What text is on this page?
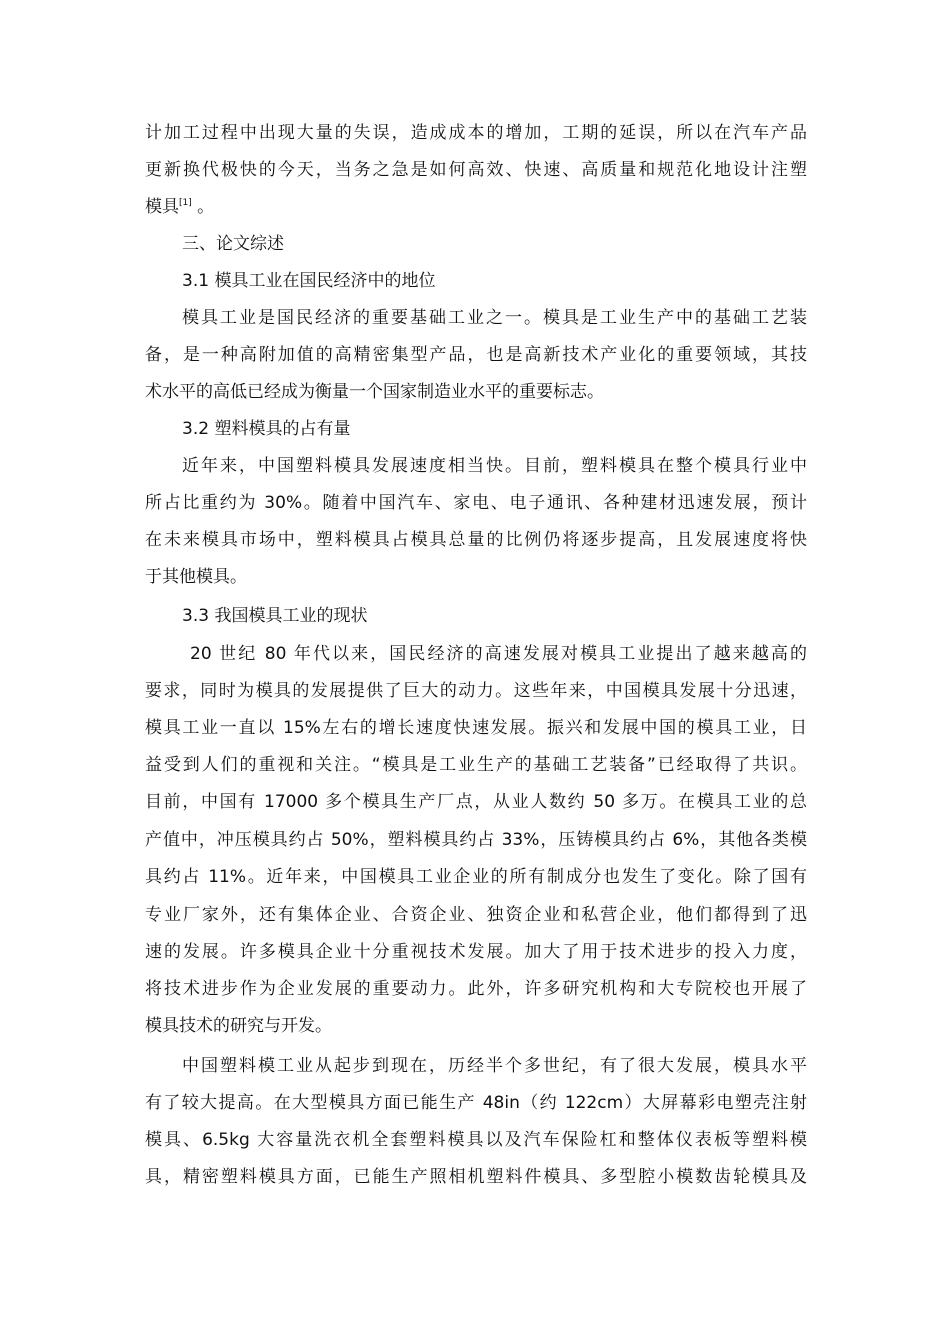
计加工过程中出现大量的失误，造成成本的增加，工期的延误，所以在汽车产品
更新换代极快的今天，当务之急是如何高效、快速、高质量和规范化地设计注塑
模具[1] 。
三、论文综述
3.1 模具工业在国民经济中的地位
模具工业是国民经济的重要基础工业之一。模具是工业生产中的基础工艺装
备，是一种高附加值的高精密集型产品，也是高新技术产业化的重要领域，其技
术水平的高低已经成为衡量一个国家制造业水平的重要标志。
3.2 塑料模具的占有量
近年来，中国塑料模具发展速度相当快。目前，塑料模具在整个模具行业中
所占比重约为 30%。随着中国汽车、家电、电子通讯、各种建材迅速发展，预计
在未来模具市场中，塑料模具占模具总量的比例仍将逐步提高，且发展速度将快
于其他模具。
3.3 我国模具工业的现状
20 世纪 80 年代以来，国民经济的高速发展对模具工业提出了越来越高的
要求，同时为模具的发展提供了巨大的动力。这些年来，中国模具发展十分迅速，
模具工业一直以 15%左右的增长速度快速发展。振兴和发展中国的模具工业，日
益受到人们的重视和关注。“模具是工业生产的基础工艺装备”已经取得了共识。
目前，中国有 17000 多个模具生产厂点，从业人数约 50 多万。在模具工业的总
产值中，冲压模具约占 50%，塑料模具约占 33%，压铸模具约占 6%，其他各类模
具约占 11%。近年来，中国模具工业企业的所有制成分也发生了变化。除了国有
专业厂家外，还有集体企业、合资企业、独资企业和私营企业，他们都得到了迅
速的发展。许多模具企业十分重视技术发展。加大了用于技术进步的投入力度，
将技术进步作为企业发展的重要动力。此外，许多研究机构和大专院校也开展了
模具技术的研究与开发。
中国塑料模工业从起步到现在，历经半个多世纪，有了很大发展，模具水平
有了较大提高。在大型模具方面已能生产 48in（约 122cm）大屏幕彩电塑壳注射
模具、6.5kg 大容量洗衣机全套塑料模具以及汽车保险杠和整体仪表板等塑料模
具，精密塑料模具方面，已能生产照相机塑料件模具、多型腔小模数齿轮模具及
